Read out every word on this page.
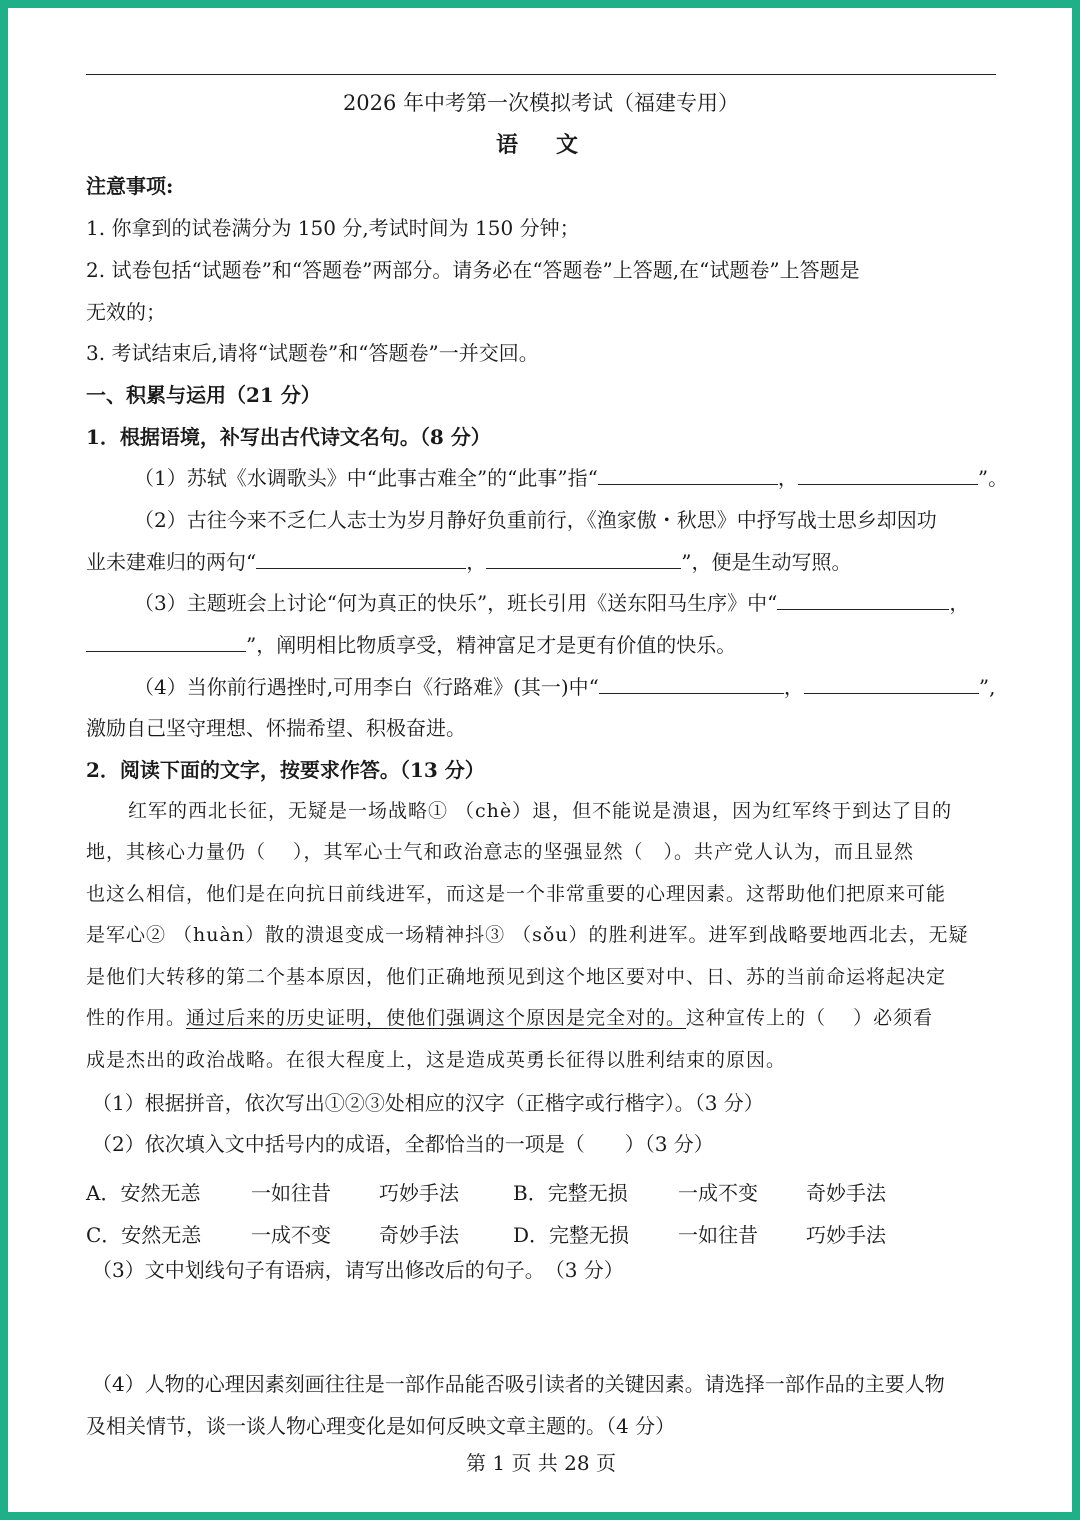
2026 年中考第一次模拟考试（福建专用）
语　文
注意事项:
1. 你拿到的试卷满分为 150 分,考试时间为 150 分钟；
2. 试卷包括“试题卷”和“答题卷”两部分。请务必在“答题卷”上答题,在“试题卷”上答题是
无效的；
3. 考试结束后,请将“试题卷”和“答题卷”一并交回。
一、积累与运用（21 分）
1．根据语境，补写出古代诗文名句。（8 分）
（1）苏轼《水调歌头》中“此事古难全”的“此事”指“	，	”。
（2）古往今来不乏仁人志士为岁月静好负重前行，《渔家傲・秋思》中抒写战士思乡却因功
业未建难归的两句“	，	”，便是生动写照。
（3）主题班会上讨论“何为真正的快乐”，班长引用《送东阳马生序》中“	，
”，阐明相比物质享受，精神富足才是更有价值的快乐。
（4）当你前行遇挫时,可用李白《行路难》(其一)中“	，	”,
激励自己坚守理想、怀揣希望、积极奋进。
2．阅读下面的文字，按要求作答。（13 分）
红军的西北长征，无疑是一场战略① （chè）退，但不能说是溃退，因为红军终于到达了目的
地，其核心力量仍（　 ），其军心士气和政治意志的坚强显然（　）。共产党人认为，而且显然
也这么相信，他们是在向抗日前线进军，而这是一个非常重要的心理因素。这帮助他们把原来可能
是军心② （huàn）散的溃退变成一场精神抖③ （sǒu）的胜利进军。进军到战略要地西北去，无疑
是他们大转移的第二个基本原因，他们正确地预见到这个地区要对中、日、苏的当前命运将起决定
性的作用。通过后来的历史证明，使他们强调这个原因是完全对的。这种宣传上的（　 ）必须看
成是杰出的政治战略。在很大程度上，这是造成英勇长征得以胜利结束的原因。
（1）根据拼音，依次写出①②③处相应的汉字（正楷字或行楷字）。（3 分）
（2）依次填入文中括号内的成语，全都恰当的一项是（　　）（3 分）
A．安然无恙	一如往昔 巧妙手法	B．完整无损	一成不变 奇妙手法
C．安然无恙 一成不变 奇妙手法	D．完整无损 一如往昔 巧妙手法
（3）文中划线句子有语病，请写出修改后的句子。　（3 分）
（4）人物的心理因素刻画往往是一部作品能否吸引读者的关键因素。请选择一部作品的主要人物
及相关情节，谈一谈人物心理变化是如何反映文章主题的。（4 分）
第 1 页 共 28 页
